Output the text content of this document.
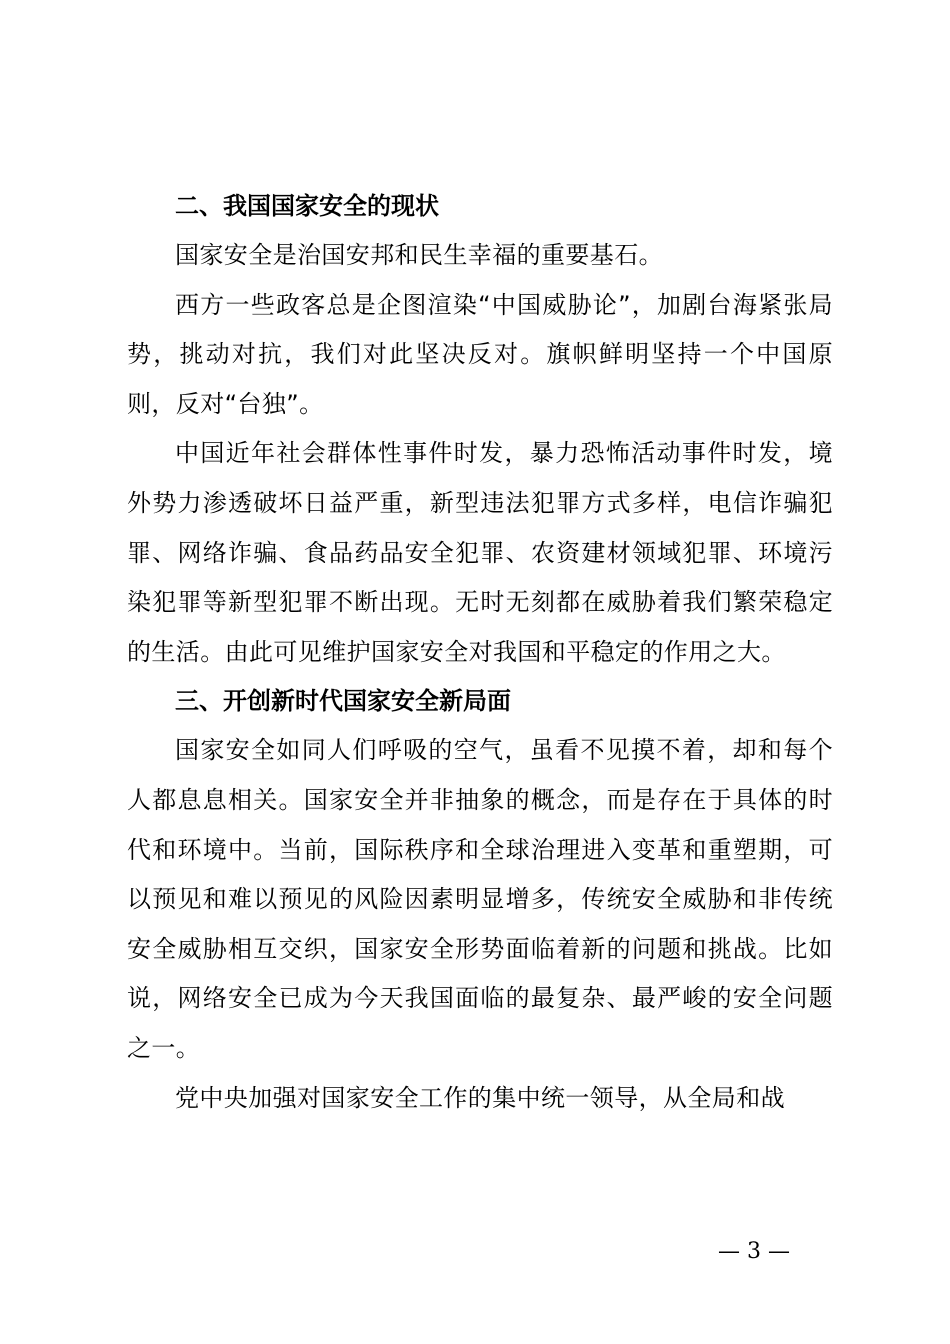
二、我国国家安全的现状

国家安全是治国安邦和民生幸福的重要基石。

西方一些政客总是企图渲染“中国威胁论”，加剧台海紧张局势，挑动对抗，我们对此坚决反对。旗帜鲜明坚持一个中国原则，反对“台独”。

中国近年社会群体性事件时发，暴力恐怖活动事件时发，境外势力渗透破坏日益严重，新型违法犯罪方式多样，电信诈骗犯罪、网络诈骗、食品药品安全犯罪、农资建材领域犯罪、环境污染犯罪等新型犯罪不断出现。无时无刻都在威胁着我们繁荣稳定的生活。由此可见维护国家安全对我国和平稳定的作用之大。

三、开创新时代国家安全新局面

国家安全如同人们呼吸的空气，虽看不见摸不着，却和每个人都息息相关。国家安全并非抽象的概念，而是存在于具体的时代和环境中。当前，国际秩序和全球治理进入变革和重塑期，可以预见和难以预见的风险因素明显增多，传统安全威胁和非传统安全威胁相互交织，国家安全形势面临着新的问题和挑战。比如说，网络安全已成为今天我国面临的最复杂、最严峻的安全问题之一。

党中央加强对国家安全工作的集中统一领导，从全局和战

— 3 —
